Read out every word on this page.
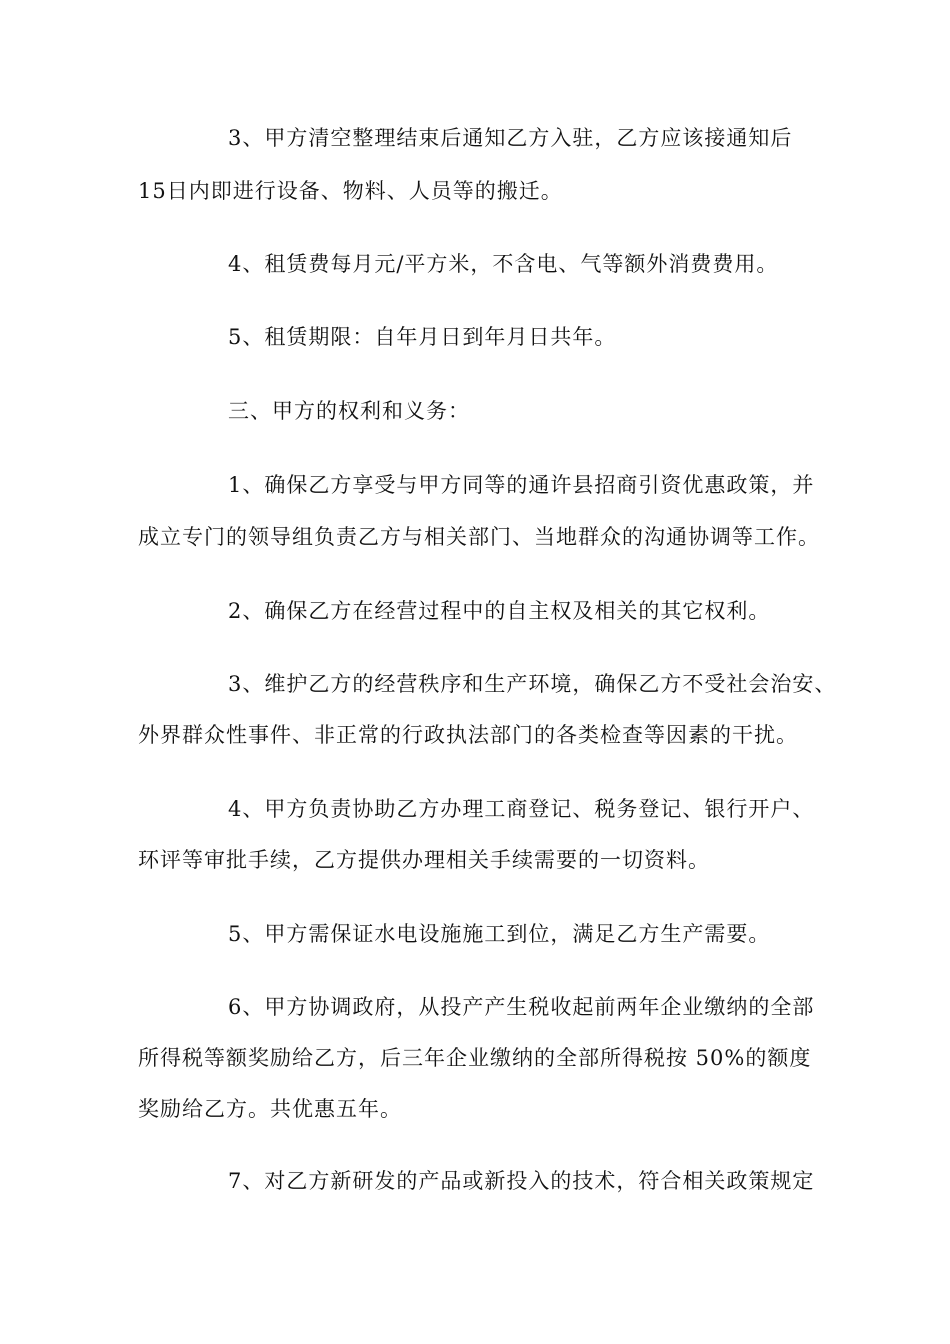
3、甲方清空整理结束后通知乙方入驻，乙方应该接通知后

15日内即进行设备、物料、人员等的搬迁。

4、租赁费每月元/平方米，不含电、气等额外消费费用。

5、租赁期限：自年月日到年月日共年。

三、甲方的权利和义务：

1、确保乙方享受与甲方同等的通许县招商引资优惠政策，并

成立专门的领导组负责乙方与相关部门、当地群众的沟通协调等工作。

2、确保乙方在经营过程中的自主权及相关的其它权利。

3、维护乙方的经营秩序和生产环境，确保乙方不受社会治安、

外界群众性事件、非正常的行政执法部门的各类检查等因素的干扰。

4、甲方负责协助乙方办理工商登记、税务登记、银行开户、

环评等审批手续，乙方提供办理相关手续需要的一切资料。

5、甲方需保证水电设施施工到位，满足乙方生产需要。

6、甲方协调政府，从投产产生税收起前两年企业缴纳的全部

所得税等额奖励给乙方，后三年企业缴纳的全部所得税按 50%的额度

奖励给乙方。共优惠五年。

7、对乙方新研发的产品或新投入的技术，符合相关政策规定
